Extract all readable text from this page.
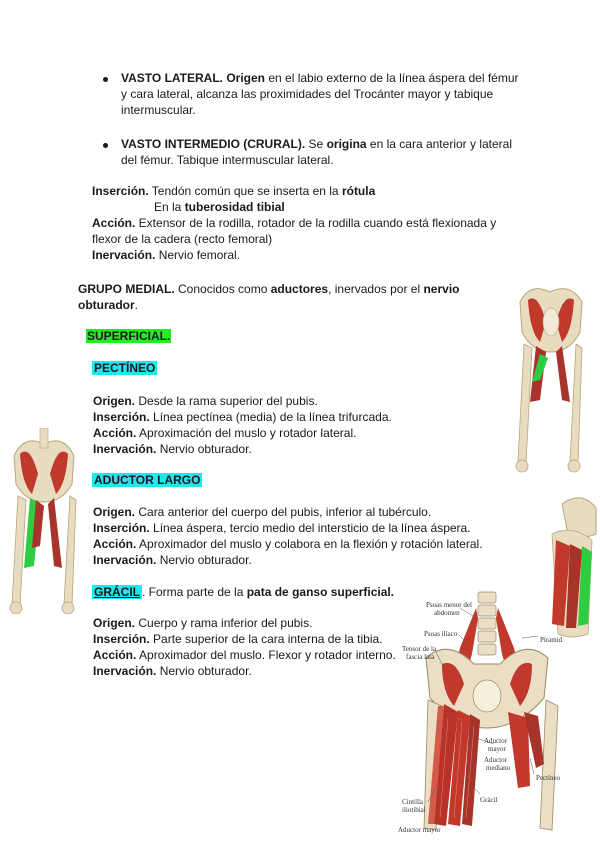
VASTO LATERAL. Origen en el labio externo de la línea áspera del fémur
y cara lateral, alcanza las proximidades del Trocánter mayor y tabique
intermuscular.
VASTO INTERMEDIO (CRURAL). Se origina en la cara anterior y lateral
del fémur. Tabique intermuscular lateral.
Inserción. Tendón común que se inserta en la rótula
En la tuberosidad tibial
Acción. Extensor de la rodilla, rotador de la rodilla cuando está flexionada y
flexor de la cadera (recto femoral)
Inervación. Nervio femoral.
GRUPO MEDIAL. Conocidos como aductores, inervados por el nervio
obturador.
SUPERFICIAL.
PECTÍNEO
Origen. Desde la rama superior del pubis.
Inserción. Línea pectínea (media) de la línea trifurcada.
Acción. Aproximación del muslo y rotador lateral.
Inervación. Nervio obturador.
ADUCTOR LARGO
Origen. Cara anterior del cuerpo del pubis, inferior al tubérculo.
Inserción. Línea áspera, tercio medio del intersticio de la línea áspera.
Acción. Aproximador del muslo y colabora en la flexión y rotación lateral.
Inervación. Nervio obturador.
GRÁCIL . Forma parte de la pata de ganso superficial.
Origen. Cuerpo y rama inferior del pubis.
Inserción. Parte superior de la cara interna de la tibia.
Acción. Aproximador del muslo. Flexor y rotador interno.
Inervación. Nervio obturador.
Psoas menor del
abdomen
Psoas ilíaco
Tensor de la
fascia lata
Piramid
Aductor
mayor
Aductor
mediano
Pectíneo
Cintilla
iliotibial
Grácil
Aductor mayor
